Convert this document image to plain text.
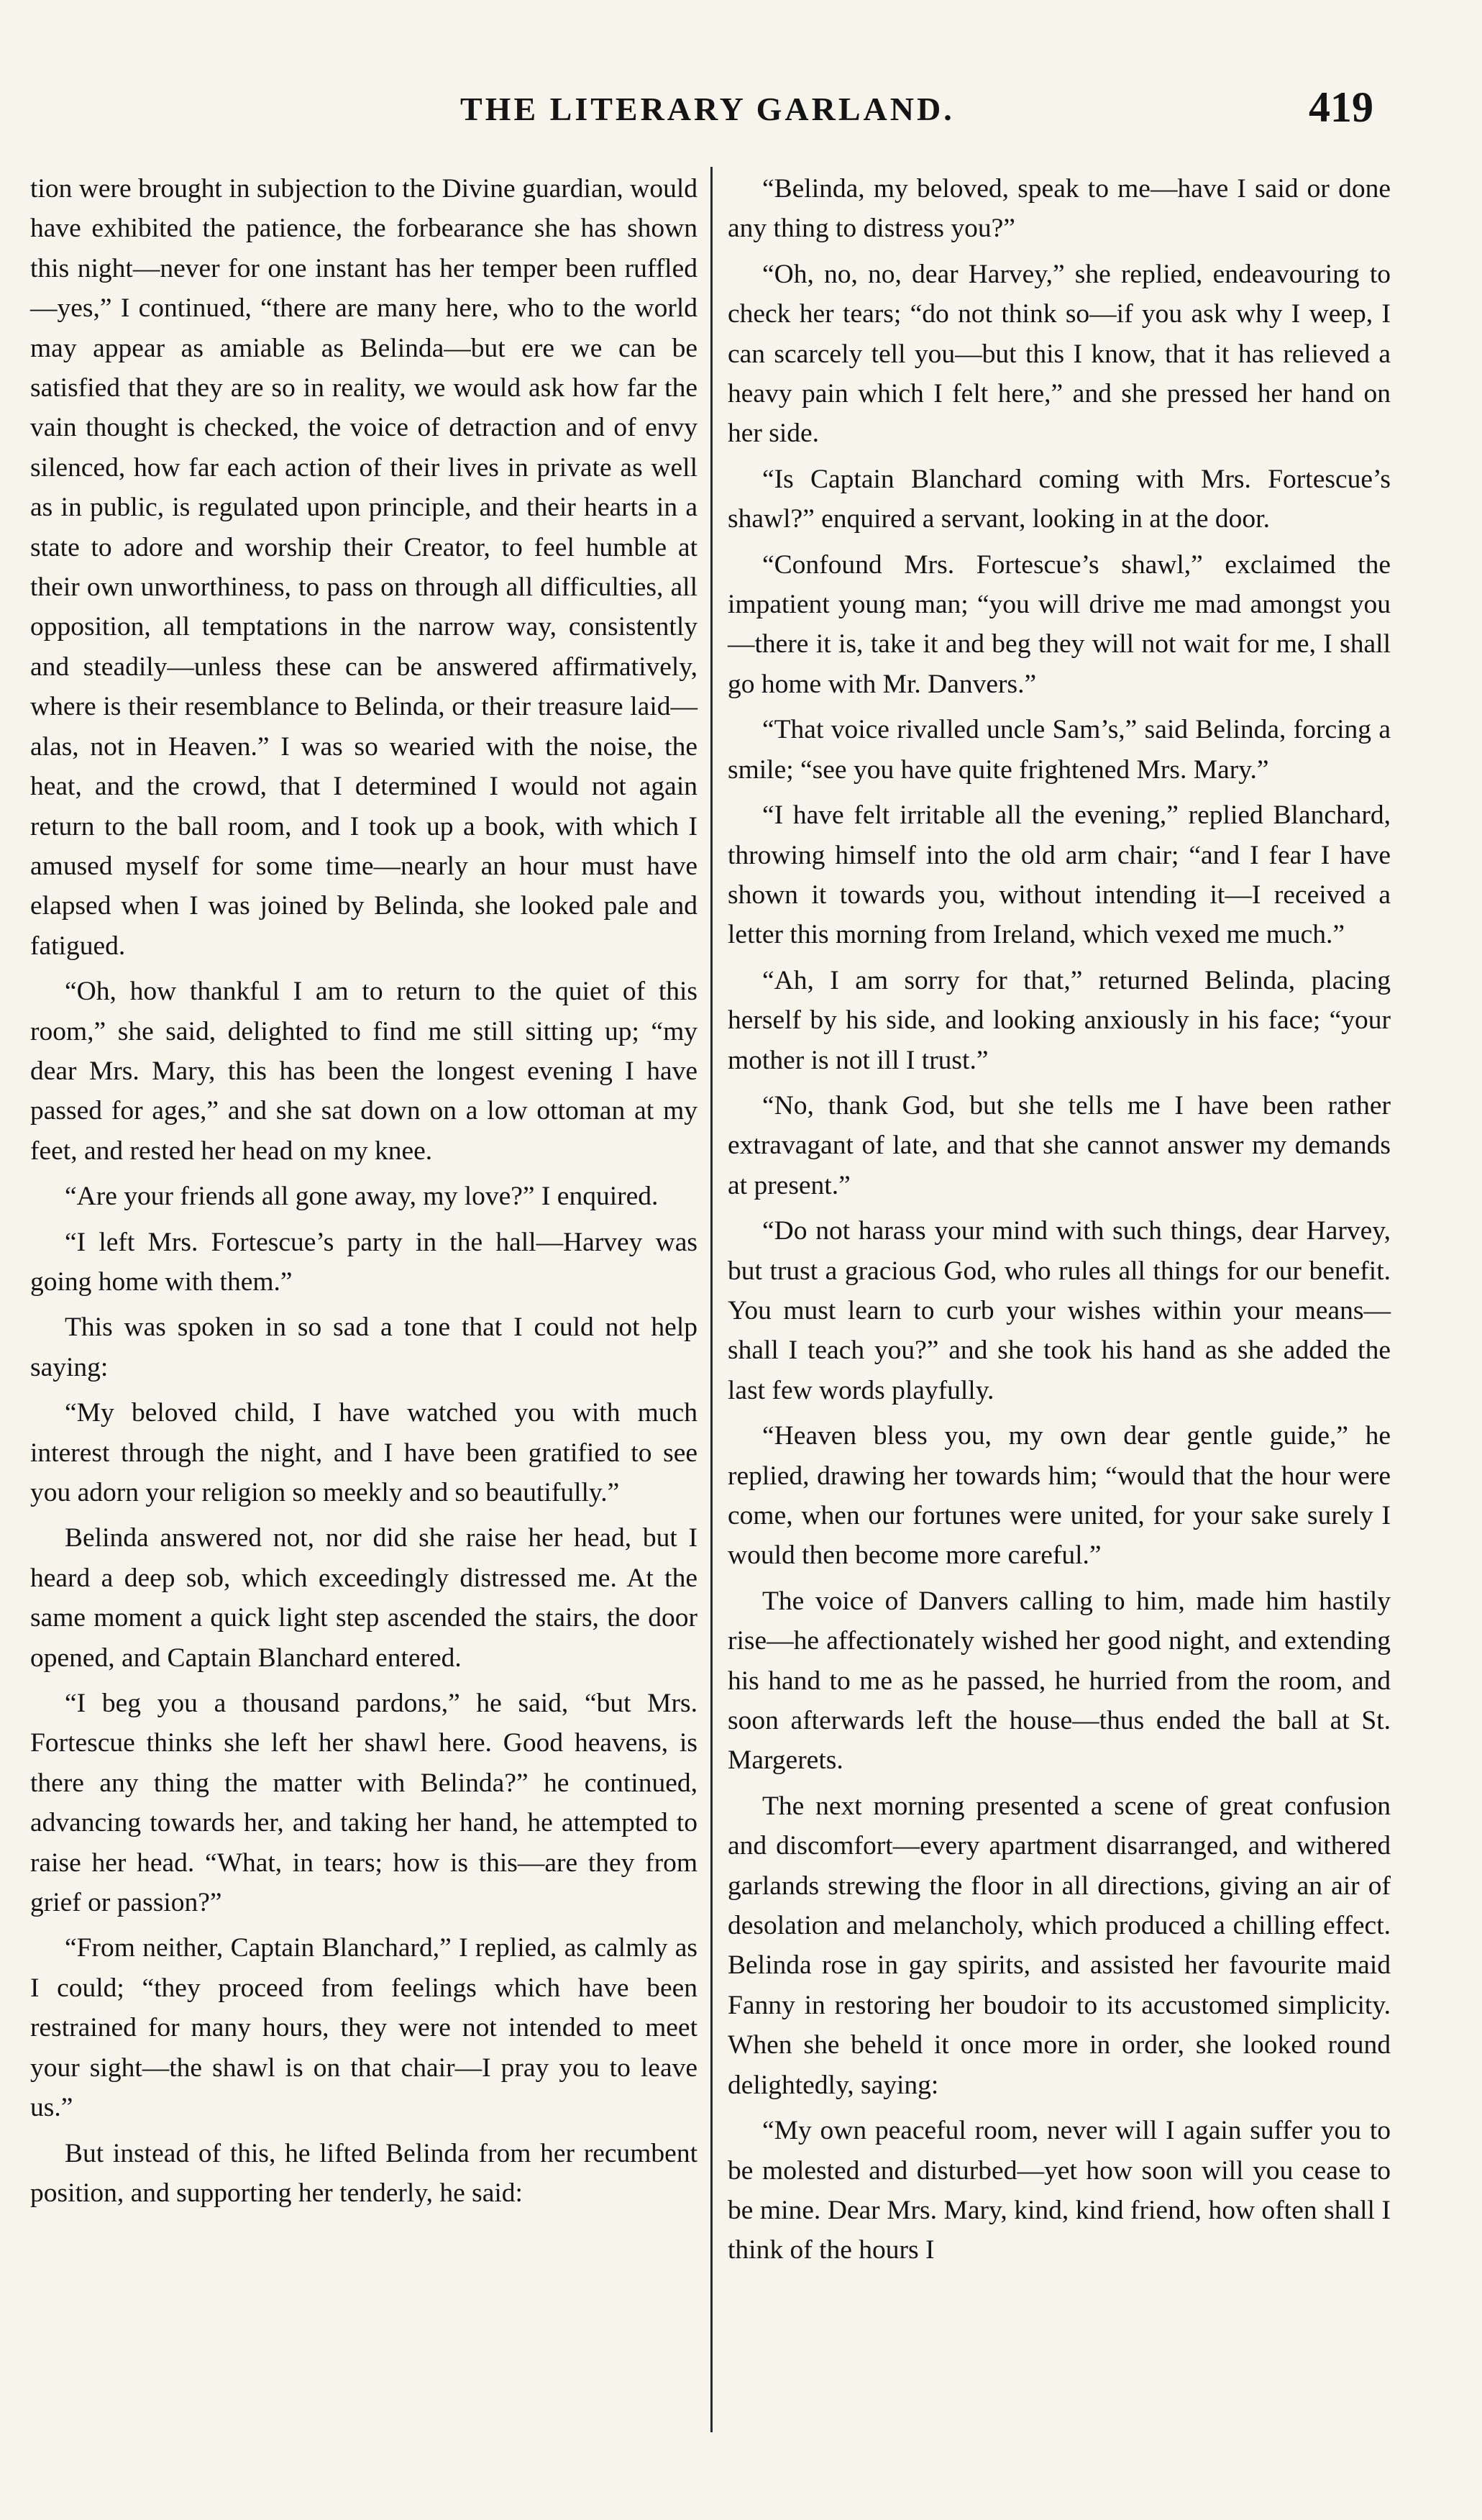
THE LITERARY GARLAND.	419

tion were brought in subjection to the Divine guardian, would have exhibited the patience, the forbearance she has shown this night—never for one instant has her temper been ruffled—yes,” I continued, “there are many here, who to the world may appear as amiable as Belinda—but ere we can be satisfied that they are so in reality, we would ask how far the vain thought is checked, the voice of detraction and of envy silenced, how far each action of their lives in private as well as in public, is regulated upon principle, and their hearts in a state to adore and worship their Creator, to feel humble at their own unworthiness, to pass on through all difficulties, all opposition, all temptations in the narrow way, consistently and steadily—unless these can be answered affirmatively, where is their resemblance to Belinda, or their treasure laid—alas, not in Heaven.” I was so wearied with the noise, the heat, and the crowd, that I determined I would not again return to the ball room, and I took up a book, with which I amused myself for some time—nearly an hour must have elapsed when I was joined by Belinda, she looked pale and fatigued.

“Oh, how thankful I am to return to the quiet of this room,” she said, delighted to find me still sitting up; “my dear Mrs. Mary, this has been the longest evening I have passed for ages,” and she sat down on a low ottoman at my feet, and rested her head on my knee.

“Are your friends all gone away, my love?” I enquired.

“I left Mrs. Fortescue’s party in the hall—Harvey was going home with them.”

This was spoken in so sad a tone that I could not help saying:

“My beloved child, I have watched you with much interest through the night, and I have been gratified to see you adorn your religion so meekly and so beautifully.”

Belinda answered not, nor did she raise her head, but I heard a deep sob, which exceedingly distressed me. At the same moment a quick light step ascended the stairs, the door opened, and Captain Blanchard entered.

“I beg you a thousand pardons,” he said, “but Mrs. Fortescue thinks she left her shawl here. Good heavens, is there any thing the matter with Belinda?” he continued, advancing towards her, and taking her hand, he attempted to raise her head. “What, in tears; how is this—are they from grief or passion?”

“From neither, Captain Blanchard,” I replied, as calmly as I could; “they proceed from feelings which have been restrained for many hours, they were not intended to meet your sight—the shawl is on that chair—I pray you to leave us.”

But instead of this, he lifted Belinda from her recumbent position, and supporting her tenderly, he said:

“Belinda, my beloved, speak to me—have I said or done any thing to distress you?”

“Oh, no, no, dear Harvey,” she replied, endeavouring to check her tears; “do not think so—if you ask why I weep, I can scarcely tell you—but this I know, that it has relieved a heavy pain which I felt here,” and she pressed her hand on her side.

“Is Captain Blanchard coming with Mrs. Fortescue’s shawl?” enquired a servant, looking in at the door.

“Confound Mrs. Fortescue’s shawl,” exclaimed the impatient young man; “you will drive me mad amongst you—there it is, take it and beg they will not wait for me, I shall go home with Mr. Danvers.”

“That voice rivalled uncle Sam’s,” said Belinda, forcing a smile; “see you have quite frightened Mrs. Mary.”

“I have felt irritable all the evening,” replied Blanchard, throwing himself into the old arm chair; “and I fear I have shown it towards you, without intending it—I received a letter this morning from Ireland, which vexed me much.”

“Ah, I am sorry for that,” returned Belinda, placing herself by his side, and looking anxiously in his face; “your mother is not ill I trust.”

“No, thank God, but she tells me I have been rather extravagant of late, and that she cannot answer my demands at present.”

“Do not harass your mind with such things, dear Harvey, but trust a gracious God, who rules all things for our benefit. You must learn to curb your wishes within your means—shall I teach you?” and she took his hand as she added the last few words playfully.

“Heaven bless you, my own dear gentle guide,” he replied, drawing her towards him; “would that the hour were come, when our fortunes were united, for your sake surely I would then become more careful.”

The voice of Danvers calling to him, made him hastily rise—he affectionately wished her good night, and extending his hand to me as he passed, he hurried from the room, and soon afterwards left the house—thus ended the ball at St. Margerets.

The next morning presented a scene of great confusion and discomfort—every apartment disarranged, and withered garlands strewing the floor in all directions, giving an air of desolation and melancholy, which produced a chilling effect. Belinda rose in gay spirits, and assisted her favourite maid Fanny in restoring her boudoir to its accustomed simplicity. When she beheld it once more in order, she looked round delightedly, saying:

“My own peaceful room, never will I again suffer you to be molested and disturbed—yet how soon will you cease to be mine. Dear Mrs. Mary, kind, kind friend, how often shall I think of the hours I
